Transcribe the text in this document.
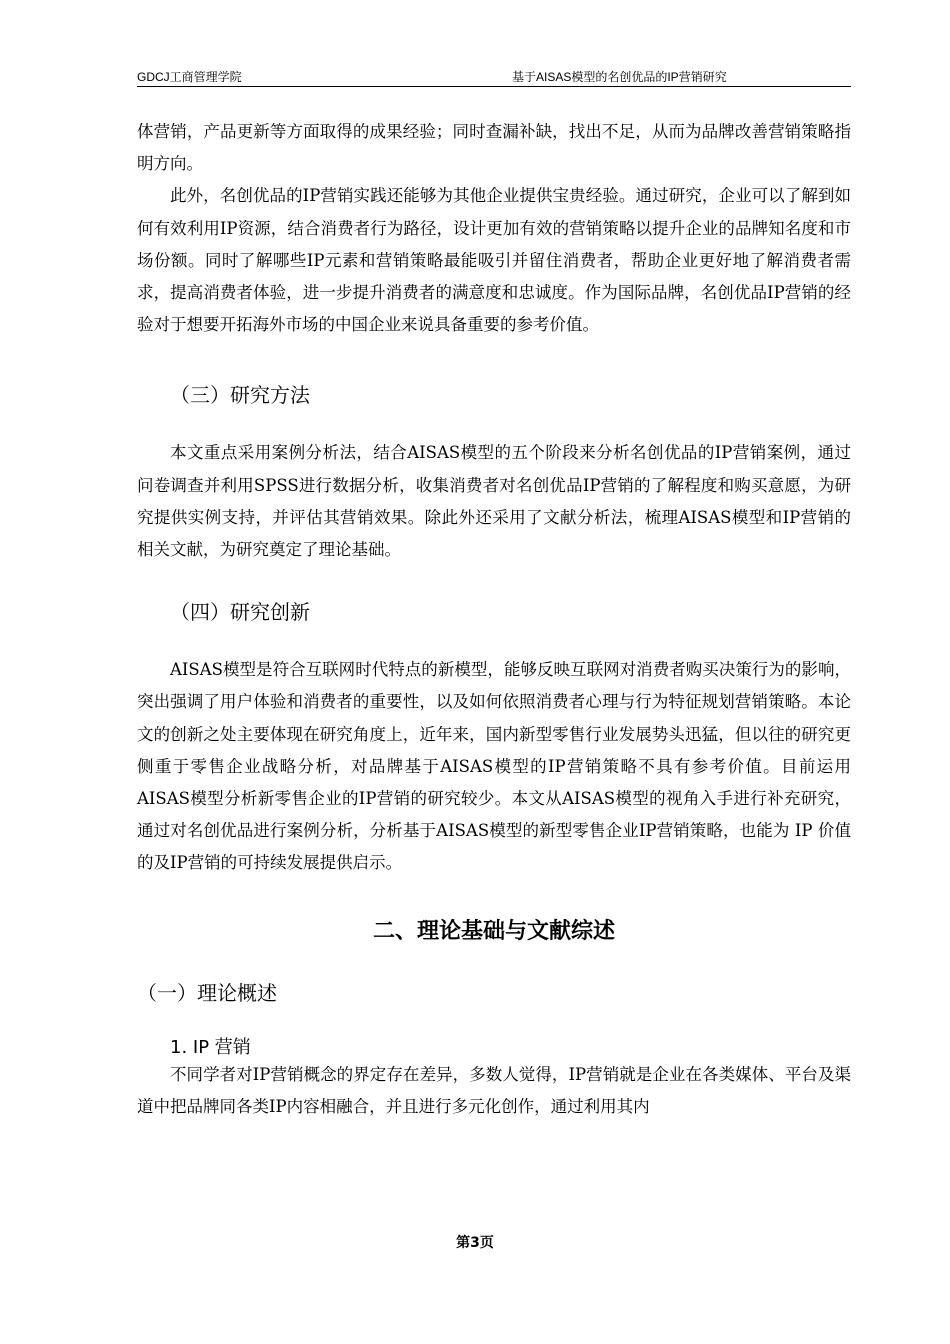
GDCJ工商管理学院	基于AISAS模型的名创优品的IP营销研究

体营销，产品更新等方面取得的成果经验；同时查漏补缺，找出不足，从而为品牌改善营销策略指明方向。

此外，名创优品的IP营销实践还能够为其他企业提供宝贵经验。通过研究，企业可以了解到如何有效利用IP资源，结合消费者行为路径，设计更加有效的营销策略以提升企业的品牌知名度和市场份额。同时了解哪些IP元素和营销策略最能吸引并留住消费者，帮助企业更好地了解消费者需求，提高消费者体验，进一步提升消费者的满意度和忠诚度。作为国际品牌，名创优品IP营销的经验对于想要开拓海外市场的中国企业来说具备重要的参考价值。

（三）研究方法

本文重点采用案例分析法，结合AISAS模型的五个阶段来分析名创优品的IP营销案例，通过问卷调查并利用SPSS进行数据分析，收集消费者对名创优品IP营销的了解程度和购买意愿，为研究提供实例支持，并评估其营销效果。除此外还采用了文献分析法，梳理AISAS模型和IP营销的相关文献，为研究奠定了理论基础。

（四）研究创新

AISAS模型是符合互联网时代特点的新模型，能够反映互联网对消费者购买决策行为的影响，突出强调了用户体验和消费者的重要性，以及如何依照消费者心理与行为特征规划营销策略。本论文的创新之处主要体现在研究角度上，近年来，国内新型零售行业发展势头迅猛，但以往的研究更侧重于零售企业战略分析，对品牌基于AISAS模型的IP营销策略不具有参考价值。目前运用AISAS模型分析新零售企业的IP营销的研究较少。本文从AISAS模型的视角入手进行补充研究，通过对名创优品进行案例分析，分析基于AISAS模型的新型零售企业IP营销策略，也能为 IP 价值的及IP营销的可持续发展提供启示。

二、理论基础与文献综述
（一）理论概述
1. IP 营销

不同学者对IP营销概念的界定存在差异，多数人觉得，IP营销就是企业在各类媒体、平台及渠道中把品牌同各类IP内容相融合，并且进行多元化创作，通过利用其内

第3页
